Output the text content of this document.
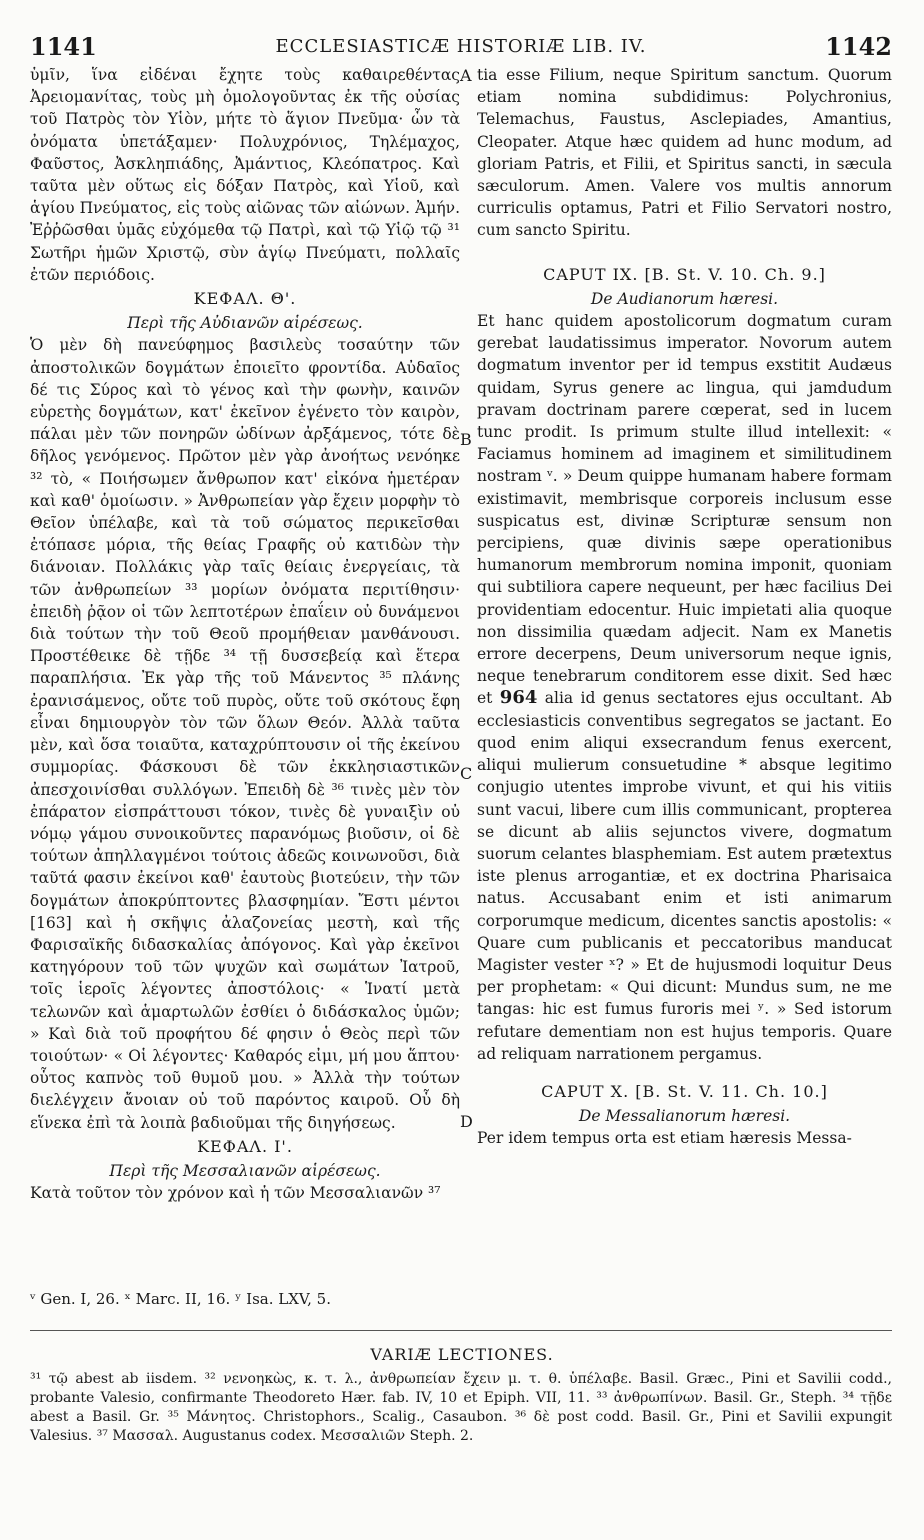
1141	ECCLESIASTICÆ HISTORIÆ LIB. IV.	1142

ὑμῖν, ἵνα εἰδέναι ἔχητε τοὺς καθαιρεθέντας Ἀρειομανίτας, τοὺς μὴ ὁμολογοῦντας ἐκ τῆς οὐσίας τοῦ Πατρὸς τὸν Υἱὸν, μήτε τὸ ἅγιον Πνεῦμα· ὧν τὰ ὀνόματα ὑπετάξαμεν· Πολυχρόνιος, Τηλέμαχος, Φαῦστος, Ἀσκληπιάδης, Ἀμάντιος, Κλεόπατρος. Καὶ ταῦτα μὲν οὕτως εἰς δόξαν Πατρὸς, καὶ Υἱοῦ, καὶ ἁγίου Πνεύματος, εἰς τοὺς αἰῶνας τῶν αἰώνων. Ἀμήν. Ἐῤῥῶσθαι ὑμᾶς εὐχόμεθα τῷ Πατρὶ, καὶ τῷ Υἱῷ τῷ ³¹ Σωτῆρι ἡμῶν Χριστῷ, σὺν ἁγίῳ Πνεύματι, πολλαῖς ἐτῶν περιόδοις.

ΚΕΦΑΛ. Θ'.
Περὶ τῆς Αὐδιανῶν αἱρέσεως.

Ὁ μὲν δὴ πανεύφημος βασιλεὺς τοσαύτην τῶν ἀποστολικῶν δογμάτων ἐποιεῖτο φροντίδα. Αὐδαῖος δέ τις Σύρος καὶ τὸ γένος καὶ τὴν φωνὴν, καινῶν εὑρετὴς δογμάτων, κατ' ἐκεῖνον ἐγένετο τὸν καιρὸν, πάλαι μὲν τῶν πονηρῶν ὠδίνων ἀρξάμενος, τότε δὲ δῆλος γενόμενος. Πρῶτον μὲν γὰρ ἀνοήτως νενόηκε ³² τὸ, « Ποιήσωμεν ἄνθρωπον κατ' εἰκόνα ἡμετέραν καὶ καθ' ὁμοίωσιν. » Ἀνθρωπείαν γὰρ ἔχειν μορφὴν τὸ Θεῖον ὑπέλαβε, καὶ τὰ τοῦ σώματος περικεῖσθαι ἐτόπασε μόρια, τῆς θείας Γραφῆς οὐ κατιδὼν τὴν διάνοιαν. Πολλάκις γὰρ ταῖς θείαις ἐνεργείαις, τὰ τῶν ἀνθρωπείων ³³ μορίων ὀνόματα περιτίθησιν· ἐπειδὴ ῥᾷον οἱ τῶν λεπτοτέρων ἐπαΐειν οὐ δυνάμενοι διὰ τούτων τὴν τοῦ Θεοῦ προμήθειαν μανθάνουσι. Προστέθεικε δὲ τῇδε ³⁴ τῇ δυσσεβείᾳ καὶ ἕτερα παραπλήσια. Ἐκ γὰρ τῆς τοῦ Μάνεντος ³⁵ πλάνης ἐρανισάμενος, οὔτε τοῦ πυρὸς, οὔτε τοῦ σκότους ἔφη εἶναι δημιουργὸν τὸν τῶν ὅλων Θεόν. Ἀλλὰ ταῦτα μὲν, καὶ ὅσα τοιαῦτα, καταχρύπτουσιν οἱ τῆς ἐκείνου συμμορίας. Φάσκουσι δὲ τῶν ἐκκλησιαστικῶν ἀπεσχοινίσθαι συλλόγων. Ἐπειδὴ δὲ ³⁶ τινὲς μὲν τὸν ἐπάρατον εἰσπράττουσι τόκον, τινὲς δὲ γυναιξὶν οὐ νόμῳ γάμου συνοικοῦντες παρανόμως βιοῦσιν, οἱ δὲ τούτων ἀπηλλαγμένοι τούτοις ἀδεῶς κοινωνοῦσι, διὰ ταῦτά φασιν ἐκείνοι καθ' ἑαυτοὺς βιοτεύειν, τὴν τῶν δογμάτων ἀποκρύπτοντες βλασφημίαν. Ἔστι μέντοι [163] καὶ ἡ σκῆψις ἀλαζονείας μεστὴ, καὶ τῆς Φαρισαϊκῆς διδασκαλίας ἀπόγονος. Καὶ γὰρ ἐκεῖνοι κατηγόρουν τοῦ τῶν ψυχῶν καὶ σωμάτων Ἰατροῦ, τοῖς ἱεροῖς λέγοντες ἀποστόλοις· « Ἱνατί μετὰ τελωνῶν καὶ ἁμαρτωλῶν ἐσθίει ὁ διδάσκαλος ὑμῶν; » Καὶ διὰ τοῦ προφήτου δέ φησιν ὁ Θεὸς περὶ τῶν τοιούτων· « Οἱ λέγοντες· Καθαρός εἰμι, μή μου ἅπτου· οὗτος καπνὸς τοῦ θυμοῦ μου. » Ἀλλὰ τὴν τούτων διελέγχειν ἄνοιαν οὐ τοῦ παρόντος καιροῦ. Οὗ δὴ εἵνεκα ἐπὶ τὰ λοιπὰ βαδιοῦμαι τῆς διηγήσεως.

ΚΕΦΑΛ. Ι'.
Περὶ τῆς Μεσσαλιανῶν αἱρέσεως.

Κατὰ τοῦτον τὸν χρόνον καὶ ἡ τῶν Μεσσαλιανῶν ³⁷

A
B
C
D

tia esse Filium, neque Spiritum sanctum. Quorum etiam nomina subdidimus: Polychronius, Telemachus, Faustus, Asclepiades, Amantius, Cleopater. Atque hæc quidem ad hunc modum, ad gloriam Patris, et Filii, et Spiritus sancti, in sæcula sæculorum. Amen. Valere vos multis annorum curriculis optamus, Patri et Filio Servatori nostro, cum sancto Spiritu.

CAPUT IX. [B. St. V. 10. Ch. 9.]
De Audianorum hæresi.

Et hanc quidem apostolicorum dogmatum curam gerebat laudatissimus imperator. Novorum autem dogmatum inventor per id tempus exstitit Audæus quidam, Syrus genere ac lingua, qui jamdudum pravam doctrinam parere cœperat, sed in lucem tunc prodit. Is primum stulte illud intellexit: « Faciamus hominem ad imaginem et similitudinem nostram ᵛ. » Deum quippe humanam habere formam existimavit, membrisque corporeis inclusum esse suspicatus est, divinæ Scripturæ sensum non percipiens, quæ divinis sæpe operationibus humanorum membrorum nomina imponit, quoniam qui subtiliora capere nequeunt, per hæc facilius Dei providentiam edocentur. Huic impietati alia quoque non dissimilia quædam adjecit. Nam ex Manetis errore decerpens, Deum universorum neque ignis, neque tenebrarum conditorem esse dixit. Sed hæc et 964 alia id genus sectatores ejus occultant. Ab ecclesiasticis conventibus segregatos se jactant. Eo quod enim aliqui exsecrandum fenus exercent, aliqui mulierum consuetudine * absque legitimo conjugio utentes improbe vivunt, et qui his vitiis sunt vacui, libere cum illis communicant, propterea se dicunt ab aliis sejunctos vivere, dogmatum suorum celantes blasphemiam. Est autem prætextus iste plenus arrogantiæ, et ex doctrina Pharisaica natus. Accusabant enim et isti animarum corporumque medicum, dicentes sanctis apostolis: « Quare cum publicanis et peccatoribus manducat Magister vester ˣ? » Et de hujusmodi loquitur Deus per prophetam: « Qui dicunt: Mundus sum, ne me tangas: hic est fumus furoris mei ʸ. » Sed istorum refutare dementiam non est hujus temporis. Quare ad reliquam narrationem pergamus.

CAPUT X. [B. St. V. 11. Ch. 10.]
De Messalianorum hæresi.

Per idem tempus orta est etiam hæresis Messa-

ᵛ Gen. I, 26. ˣ Marc. II, 16. ʸ Isa. LXV, 5.
VARIÆ LECTIONES.
³¹ τῷ abest ab iisdem. ³² νενοηκὼς, κ. τ. λ., ἀνθρωπείαν ἔχειν μ. τ. θ. ὑπέλαβε. Basil. Græc., Pini et Savilii codd., probante Valesio, confirmante Theodoreto Hær. fab. IV, 10 et Epiph. VII, 11. ³³ ἀνθρωπίνων. Basil. Gr., Steph. ³⁴ τῇδε abest a Basil. Gr. ³⁵ Μάνητος. Christophors., Scalig., Casaubon. ³⁶ δὲ post codd. Basil. Gr., Pini et Savilii expungit Valesius. ³⁷ Μασσαλ. Augustanus codex. Μεσσαλιῶν Steph. 2.
